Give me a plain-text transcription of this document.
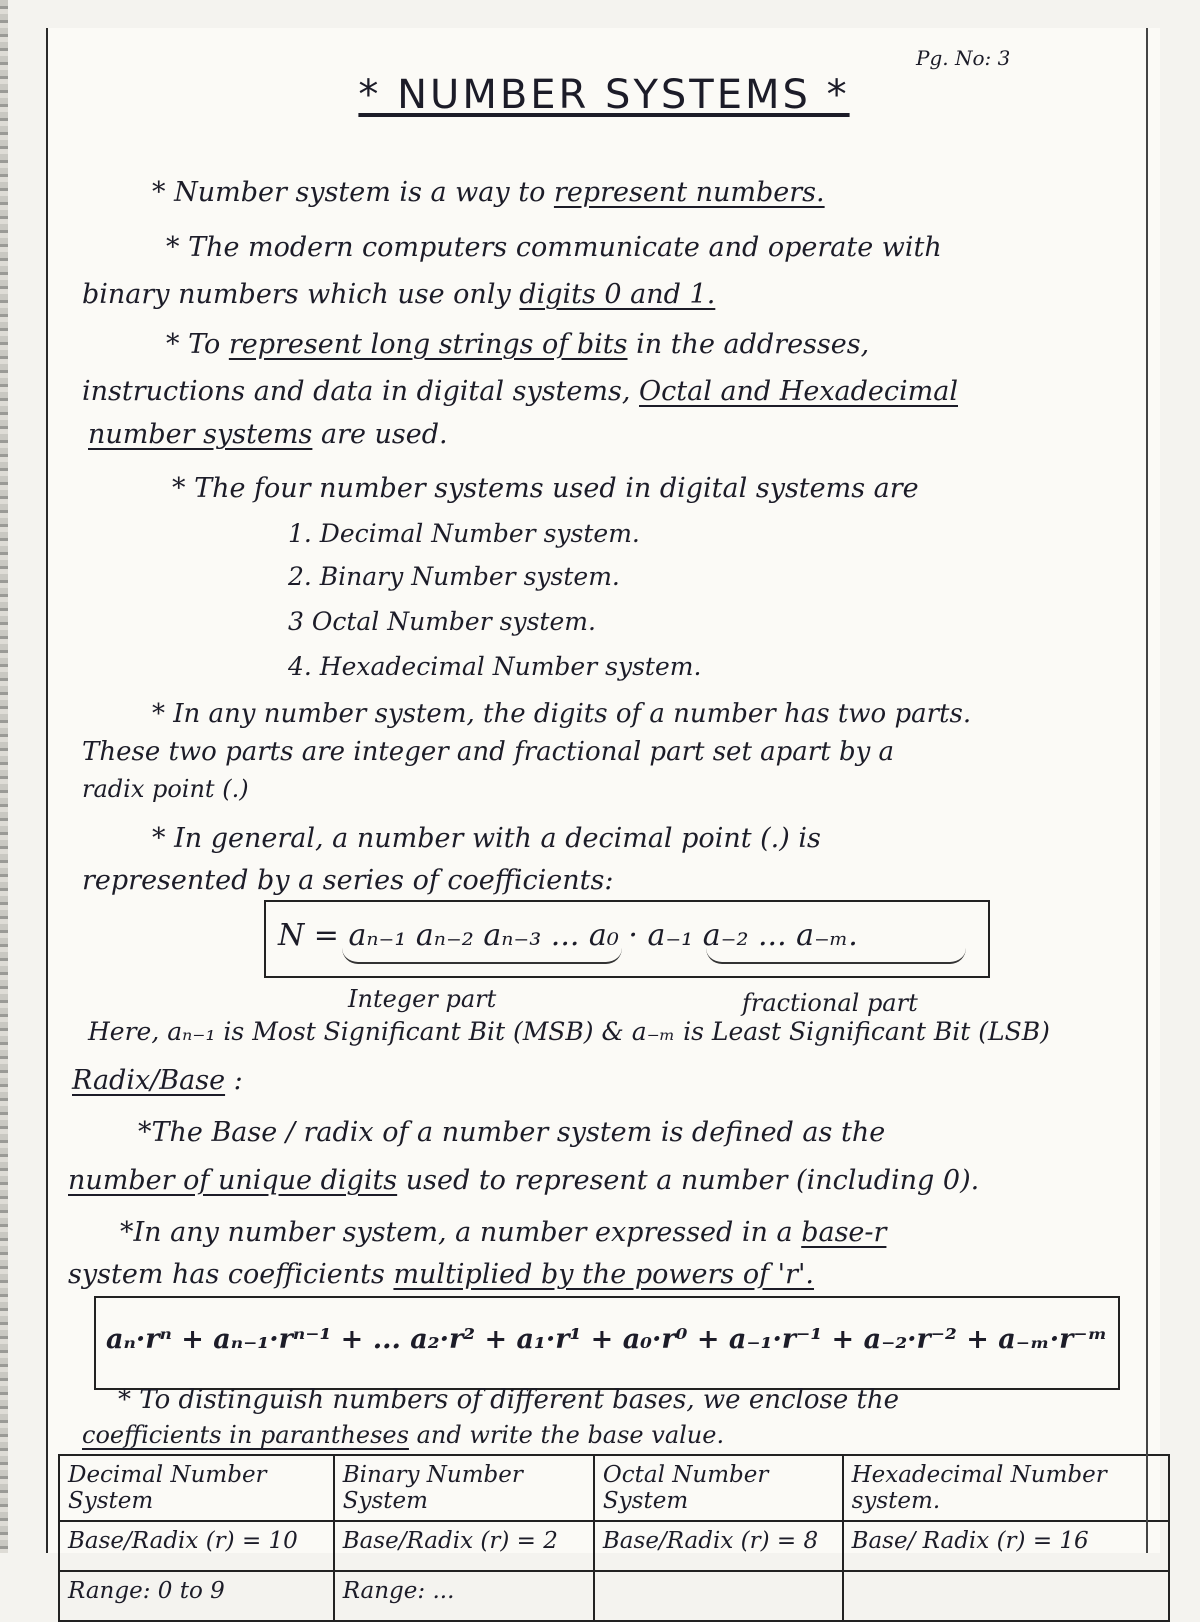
Pg. No: 3
* NUMBER SYSTEMS *
* Number system is a way to represent numbers.
* The modern computers communicate and operate with
binary numbers which use only digits 0 and 1.
* To represent long strings of bits in the addresses,
instructions and data in digital systems, Octal and Hexadecimal
number systems are used.
* The four number systems used in digital systems are
1. Decimal Number system.
2. Binary Number system.
3 Octal Number system.
4. Hexadecimal Number system.
* In any number system, the digits of a number has two parts.
These two parts are integer and fractional part set apart by a
radix point (.)
* In general, a number with a decimal point (.) is
represented by a series of coefficients:
N = aₙ₋₁ aₙ₋₂ aₙ₋₃ ... a₀ · a₋₁ a₋₂ ... a₋ₘ.
Integer part	fractional part
Here, aₙ₋₁ is Most Significant Bit (MSB) & a₋ₘ is Least Significant Bit (LSB)
Radix/Base :
*The Base / radix of a number system is defined as the
number of unique digits used to represent a number (including 0).
*In any number system, a number expressed in a base-r
system has coefficients multiplied by the powers of 'r'.
aₙ·rⁿ + aₙ₋₁·rⁿ⁻¹ + ... a₂·r² + a₁·r¹ + a₀·r⁰ + a₋₁·r⁻¹ + a₋₂·r⁻² + a₋ₘ·r⁻ᵐ
* To distinguish numbers of different bases, we enclose the
coefficients in parantheses and write the base value.
Decimal Number System	Binary Number System	Octal Number System	Hexadecimal Number system.
Base/Radix (r) = 10	Base/Radix (r) = 2	Base/Radix (r) = 8	Base/ Radix (r) = 16
Range: 0 to 9	Range: ...		
